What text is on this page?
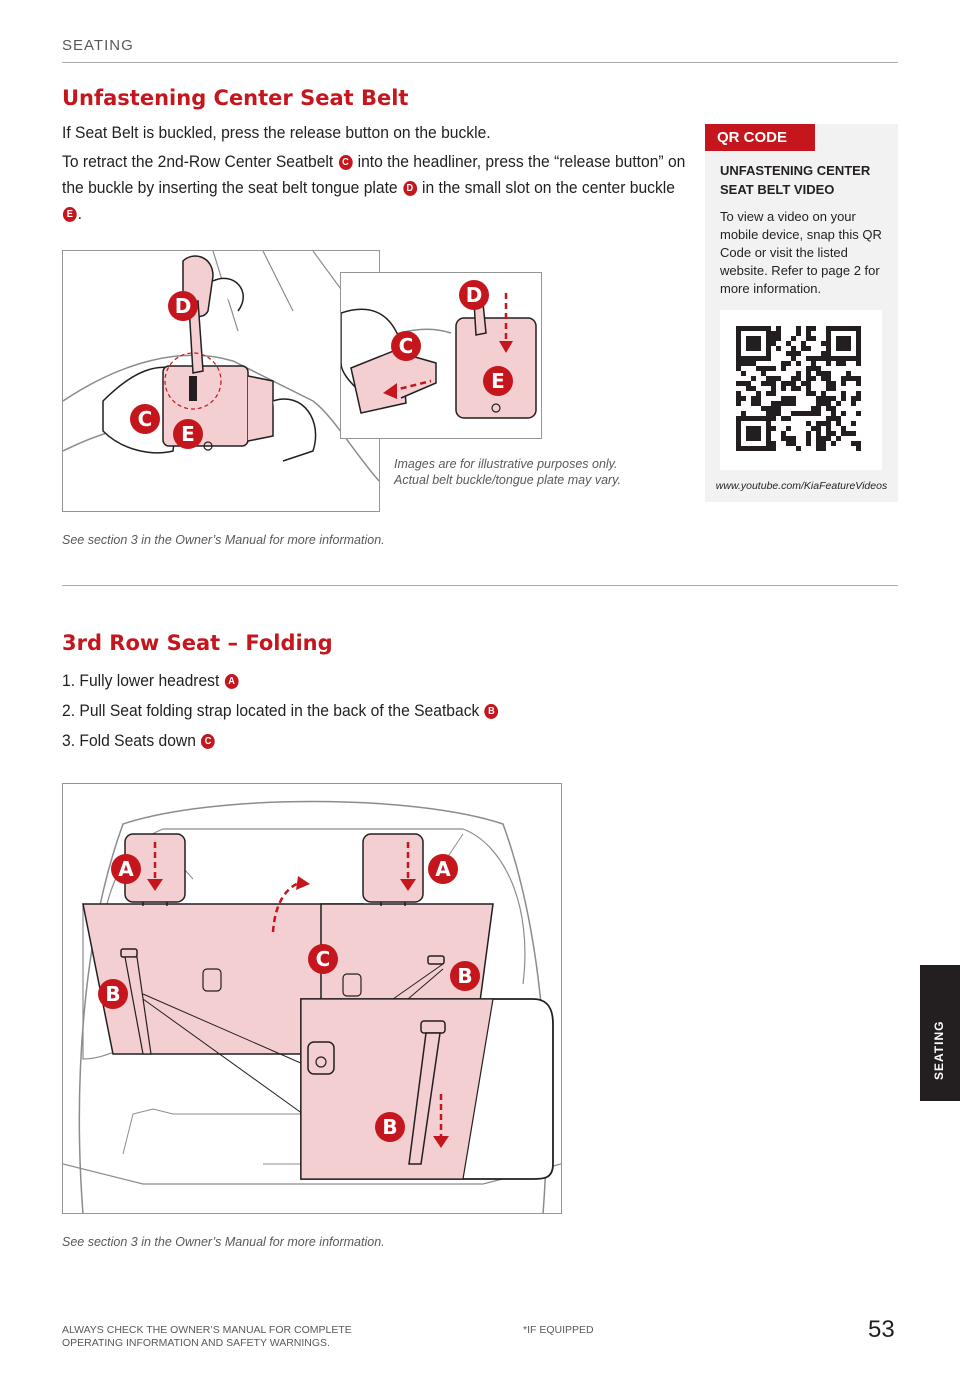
SEATING
Unfastening Center Seat Belt
If Seat Belt is buckled, press the release button on the buckle.
To retract the 2nd-Row Center Seatbelt C into the headliner, press the “release button” on the buckle by inserting the seat belt tongue plate D in the small slot on the center buckle E .
D
C
E
D
C
E
Images are for illustrative purposes only.
Actual belt buckle/tongue plate may vary.
See section 3 in the Owner’s Manual for more information.
QR CODE
UNFASTENING CENTER SEAT BELT VIDEO
To view a video on your mobile device, snap this QR Code or visit the listed website. Refer to page 2 for more information.
www.youtube.com/KiaFeatureVideos
3rd Row Seat – Folding
1. Fully lower headrest A
2. Pull Seat folding strap located in the back of the Seatback B
3. Fold Seats down C
A	A
C
B
B
B
See section 3 in the Owner’s Manual for more information.
SEATING
ALWAYS CHECK THE OWNER’S MANUAL FOR COMPLETE
OPERATING INFORMATION AND SAFETY WARNINGS.
*IF EQUIPPED	53
